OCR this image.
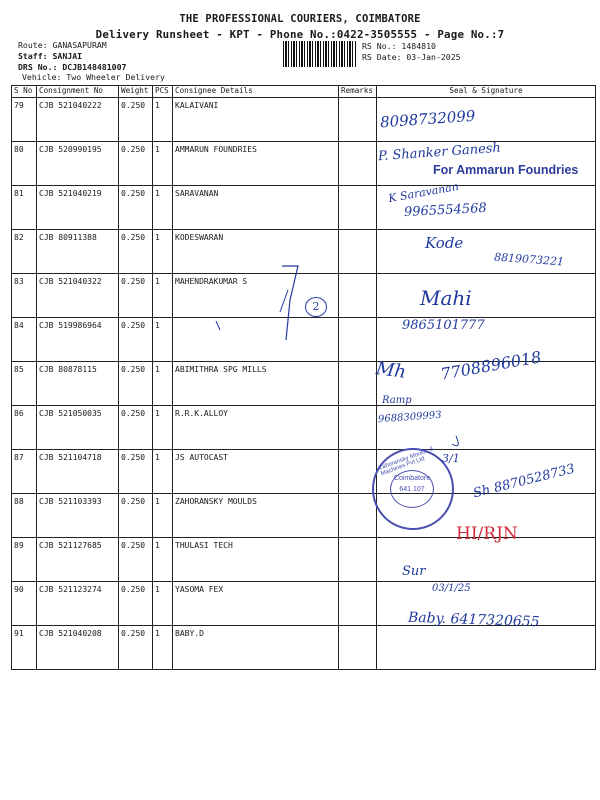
THE PROFESSIONAL COURIERS, COIMBATORE
Delivery Runsheet - KPT - Phone No.:0422-3505555 - Page No.:7
Route: GANASAPURAM
Staff: SANJAI
DRS No.: DCJB148481007
Vehicle: Two Wheeler Delivery
RS No.: 1484810
RS Date: 03-Jan-2025
S No	Consignment No	Weight	PCS	Consignee Details	Remarks	Seal & Signature
79	CJB 521040222	0.250	1	KALAIVANI		
80	CJB 520990195	0.250	1	AMMARUN FOUNDRIES		
81	CJB 521040219	0.250	1	SARAVANAN		
82	CJB 80911388	0.250	1	KODESWARAN		
83	CJB 521040322	0.250	1	MAHENDRAKUMAR S		
84	CJB 519986964	0.250	1			
85	CJB 80878115	0.250	1	ABIMITHRA SPG MILLS		
86	CJB 521050035	0.250	1	R.R.K.ALLOY		
87	CJB 521104718	0.250	1	JS AUTOCAST		
88	CJB 521103393	0.250	1	ZAHORANSKY MOULDS		
89	CJB 521127685	0.250	1	THULASI TECH		
90	CJB 521123274	0.250	1	YASOMA FEX		
91	CJB 521040208	0.250	1	BABY.D		
8098732099
P. Shanker Ganesh
For Ammarun Foundries
K Saravanan
9965554568
Kode
8819073221
Mahi
9865101777
Mh 7708896018
Ramp
9688309993
3/1
Sh 8870528733
HI/RJN
Sur
03/1/25
Baby. 6417320655
2
Zahoransky Moulds & Machines Pvt Ltd
Coimbatore
641 107
